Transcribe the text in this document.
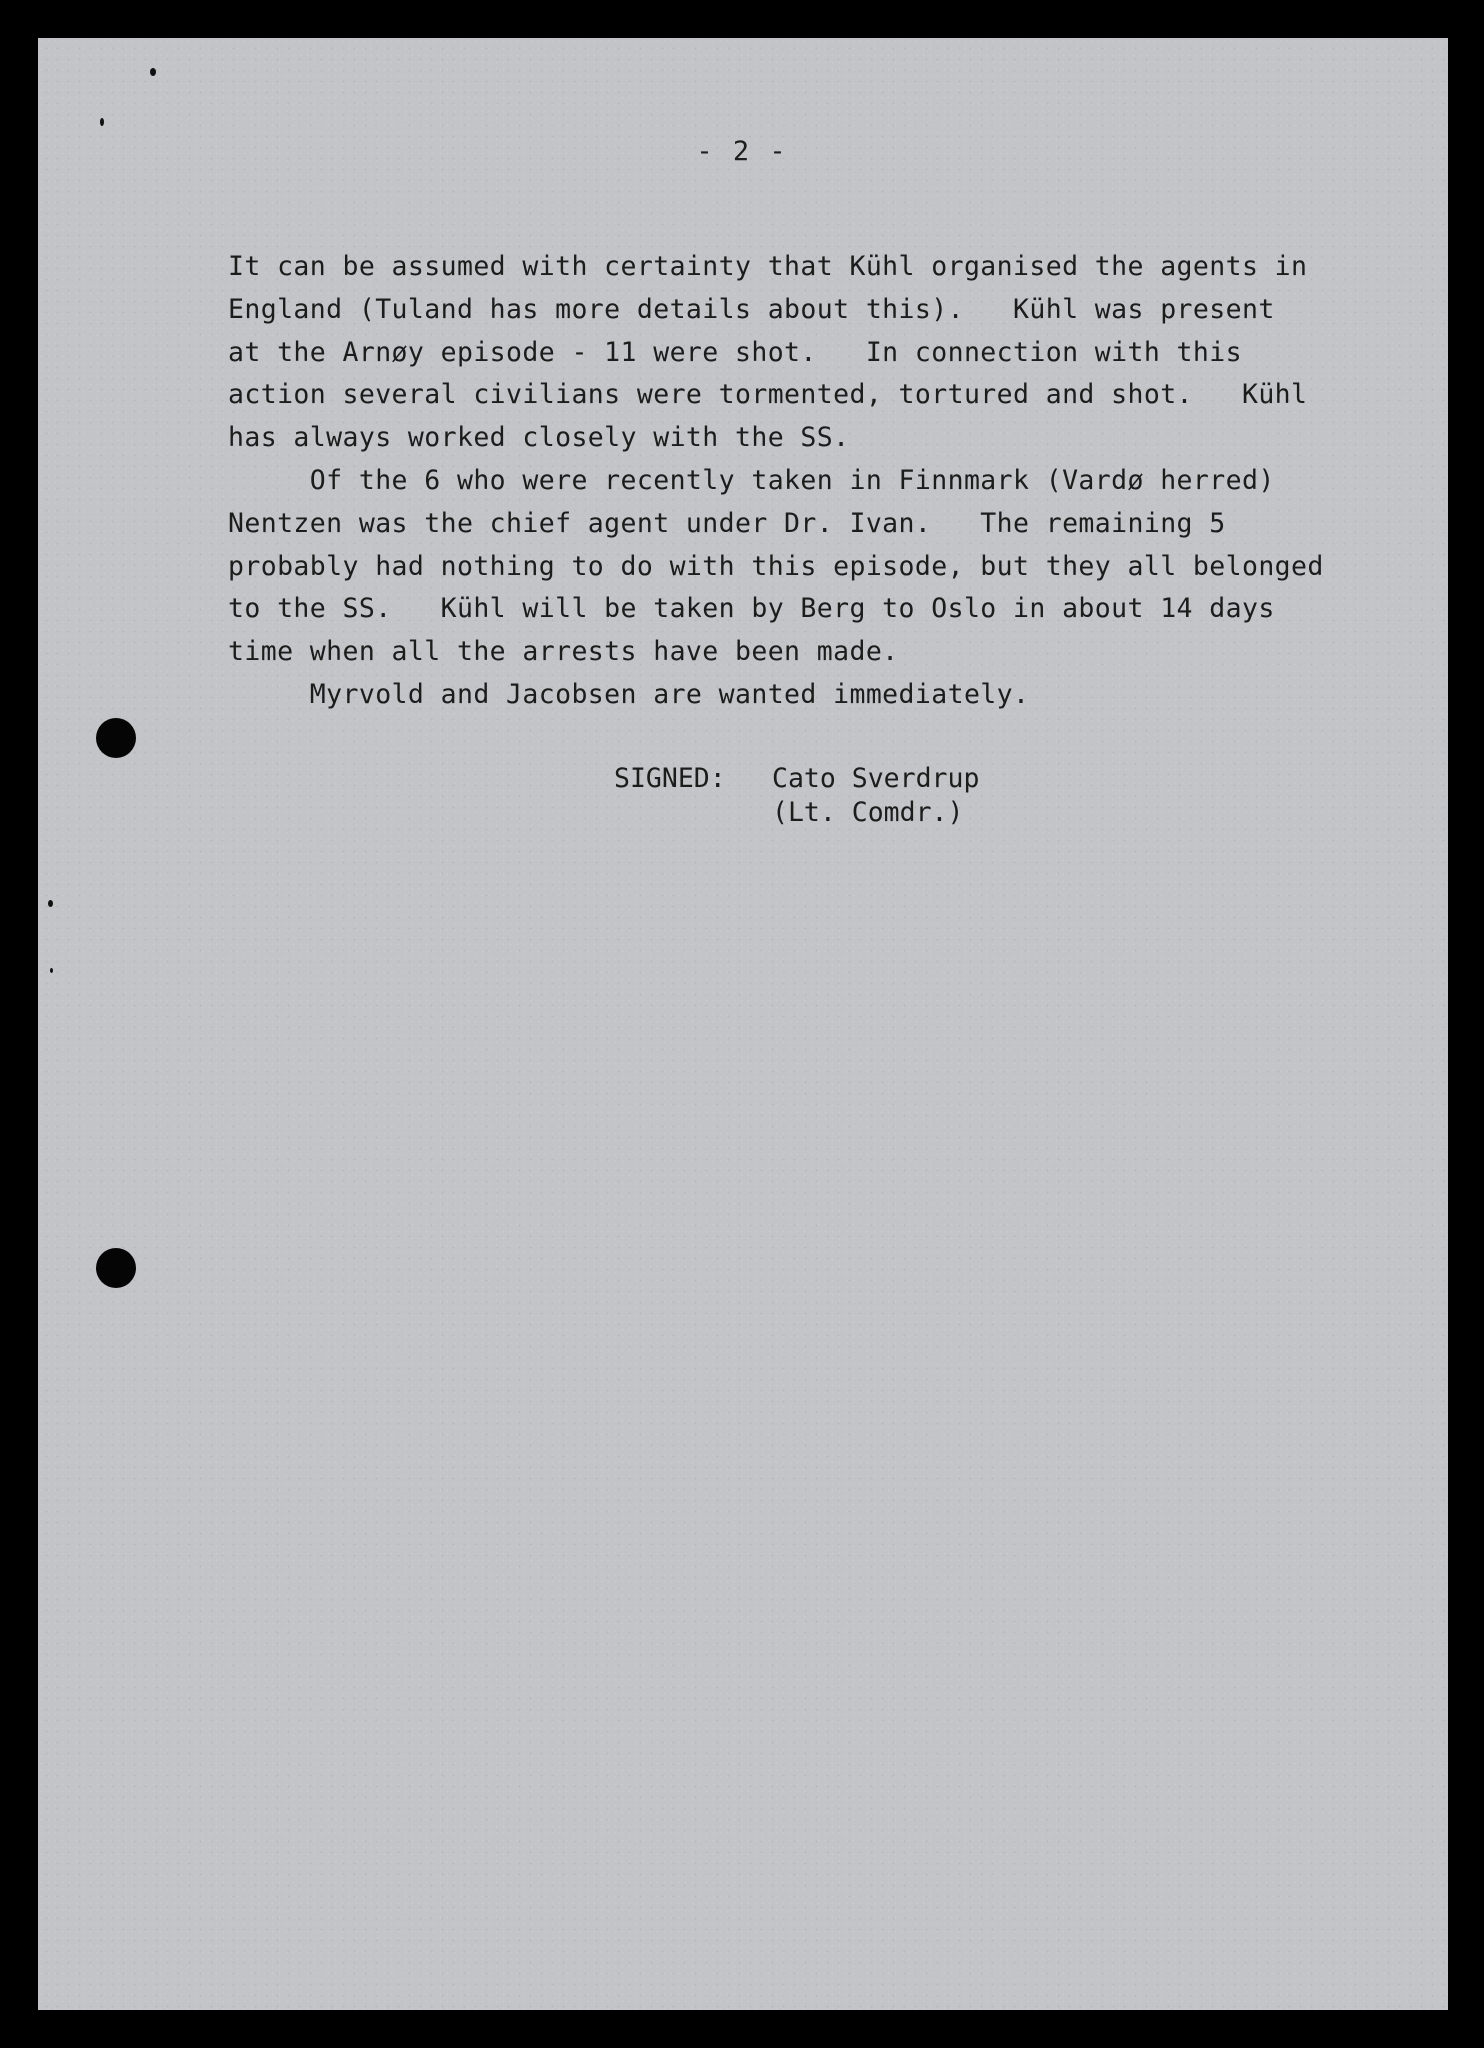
- 2 -
It can be assumed with certainty that Kühl organised the agents in
England (Tuland has more details about this).   Kühl was present
at the Arnøy episode - 11 were shot.   In connection with this
action several civilians were tormented, tortured and shot.   Kühl
has always worked closely with the SS.
Of the 6 who were recently taken in Finnmark (Vardø herred)
Nentzen was the chief agent under Dr. Ivan.   The remaining 5
probably had nothing to do with this episode, but they all belonged
to the SS.   Kühl will be taken by Berg to Oslo in about 14 days
time when all the arrests have been made.
Myrvold and Jacobsen are wanted immediately.
SIGNED:	Cato Sverdrup
(Lt. Comdr.)
